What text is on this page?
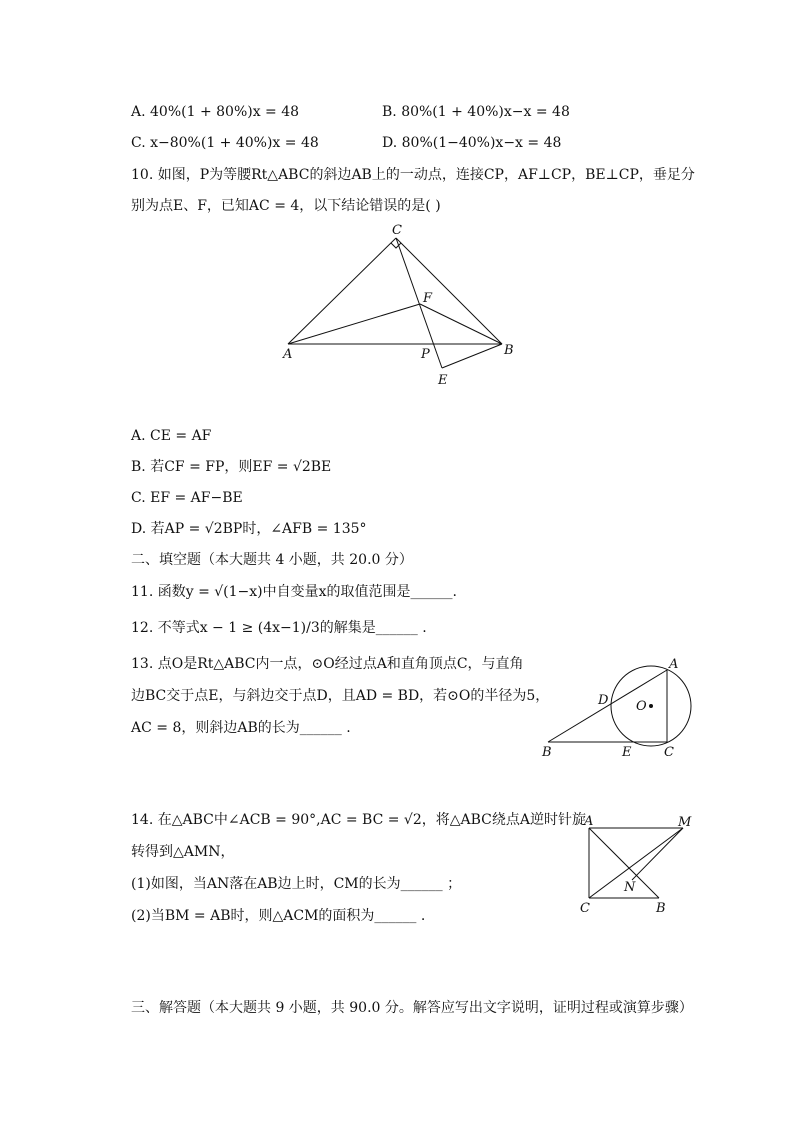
A. 40%(1 + 80%)x = 48	B. 80%(1 + 40%)x−x = 48
C. x−80%(1 + 40%)x = 48	D. 80%(1−40%)x−x = 48
10. 如图，P为等腰Rt△ABC的斜边AB上的一动点，连接CP，AF⊥CP，BE⊥CP，垂足分
别为点E、F，已知AC = 4，以下结论错误的是( )
C
F
A	P	B
E
A. CE = AF
B. 若CF = FP，则EF = √2BE
C. EF = AF−BE
D. 若AP = √2BP时，∠AFB = 135°
二、填空题（本大题共 4 小题，共 20.0 分）
11. 函数y = √(1−x)中自变量x的取值范围是______.
12. 不等式x − 1 ≥ (4x−1)/3的解集是______ .
13. 点O是Rt△ABC内一点，⊙O经过点A和直角顶点C，与直角
边BC交于点E，与斜边交于点D，且AD = BD，若⊙O的半径为5，
AC = 8，则斜边AB的长为______ .
A
D O
B	E	C
14. 在△ABC中∠ACB = 90°,AC = BC = √2，将△ABC绕点A逆时针旋
转得到△AMN，
(1)如图，当AN落在AB边上时，CM的长为______ ；
(2)当BM = AB时，则△ACM的面积为______ .
A	M
N
C	B
三、解答题（本大题共 9 小题，共 90.0 分。解答应写出文字说明，证明过程或演算步骤）
